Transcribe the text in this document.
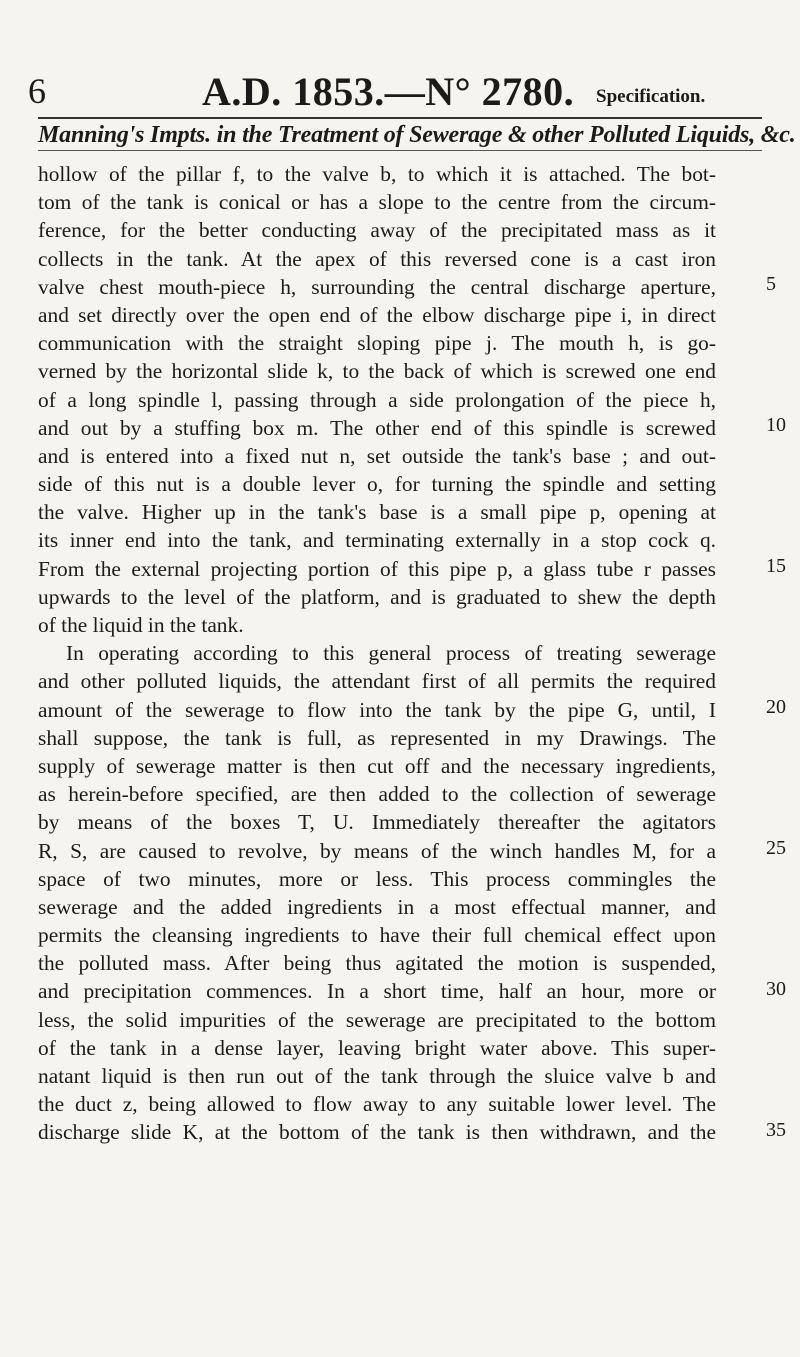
6	A.D. 1853.—N° 2780. Specification.
Manning's Impts. in the Treatment of Sewerage & other Polluted Liquids, &c.
hollow of the pillar f, to the valve b, to which it is attached. The bot-
tom of the tank is conical or has a slope to the centre from the circum-
ference, for the better conducting away of the precipitated mass as it
collects in the tank. At the apex of this reversed cone is a cast iron
valve chest mouth-piece h, surrounding the central discharge aperture,	5
and set directly over the open end of the elbow discharge pipe i, in direct
communication with the straight sloping pipe j. The mouth h, is go-
verned by the horizontal slide k, to the back of which is screwed one end
of a long spindle l, passing through a side prolongation of the piece h,
and out by a stuffing box m. The other end of this spindle is screwed	10
and is entered into a fixed nut n, set outside the tank's base ; and out-
side of this nut is a double lever o, for turning the spindle and setting
the valve. Higher up in the tank's base is a small pipe p, opening at
its inner end into the tank, and terminating externally in a stop cock q.
From the external projecting portion of this pipe p, a glass tube r passes	15
upwards to the level of the platform, and is graduated to shew the depth
of the liquid in the tank.
In operating according to this general process of treating sewerage
and other polluted liquids, the attendant first of all permits the required
amount of the sewerage to flow into the tank by the pipe G, until, I	20
shall suppose, the tank is full, as represented in my Drawings. The
supply of sewerage matter is then cut off and the necessary ingredients,
as herein-before specified, are then added to the collection of sewerage
by means of the boxes T, U. Immediately thereafter the agitators
R, S, are caused to revolve, by means of the winch handles M, for a	25
space of two minutes, more or less. This process commingles the
sewerage and the added ingredients in a most effectual manner, and
permits the cleansing ingredients to have their full chemical effect upon
the polluted mass. After being thus agitated the motion is suspended,
and precipitation commences. In a short time, half an hour, more or	30
less, the solid impurities of the sewerage are precipitated to the bottom
of the tank in a dense layer, leaving bright water above. This super-
natant liquid is then run out of the tank through the sluice valve b and
the duct z, being allowed to flow away to any suitable lower level. The
discharge slide K, at the bottom of the tank is then withdrawn, and the	35
